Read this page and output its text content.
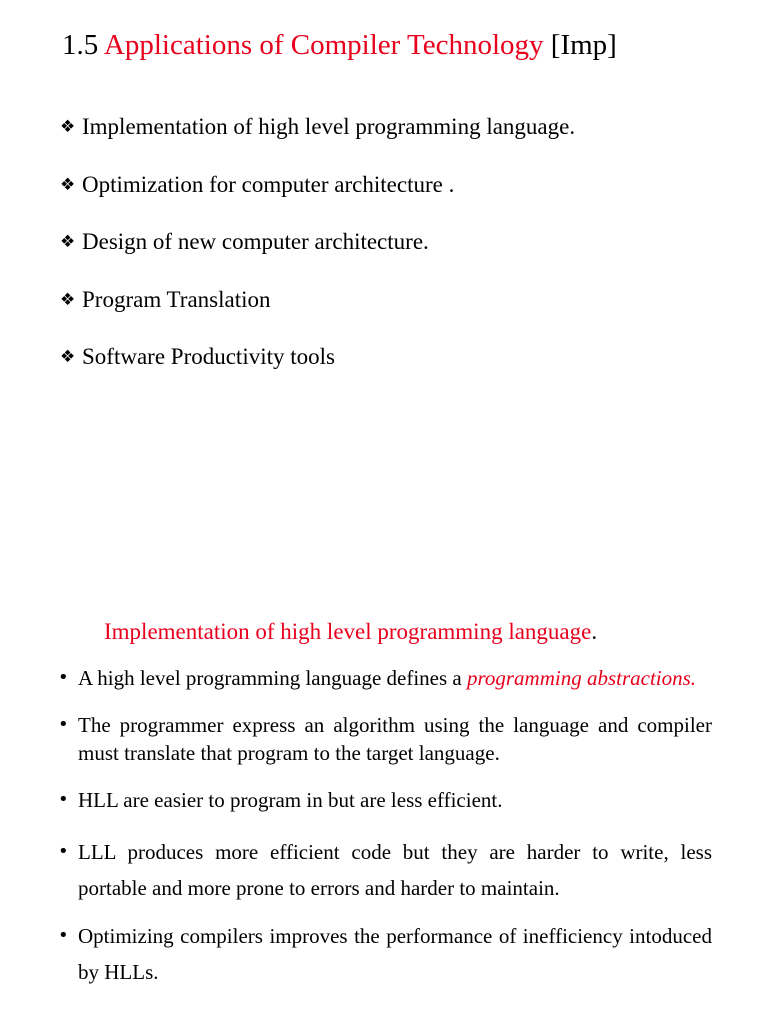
1.5 Applications of Compiler Technology [Imp]
❖ Implementation of high level programming language.
❖ Optimization for computer architecture .
❖ Design of new computer architecture.
❖ Program Translation
❖ Software Productivity tools
Implementation of high level programming language.
• A high level programming language defines a programming abstractions.
• The programmer express an algorithm using the language and compiler must translate that program to the target language.
• HLL are easier to program in but are less efficient.
• LLL produces more efficient code but they are harder to write, less portable and more prone to errors and harder to maintain.
• Optimizing compilers improves the performance of inefficiency intoduced by HLLs.
